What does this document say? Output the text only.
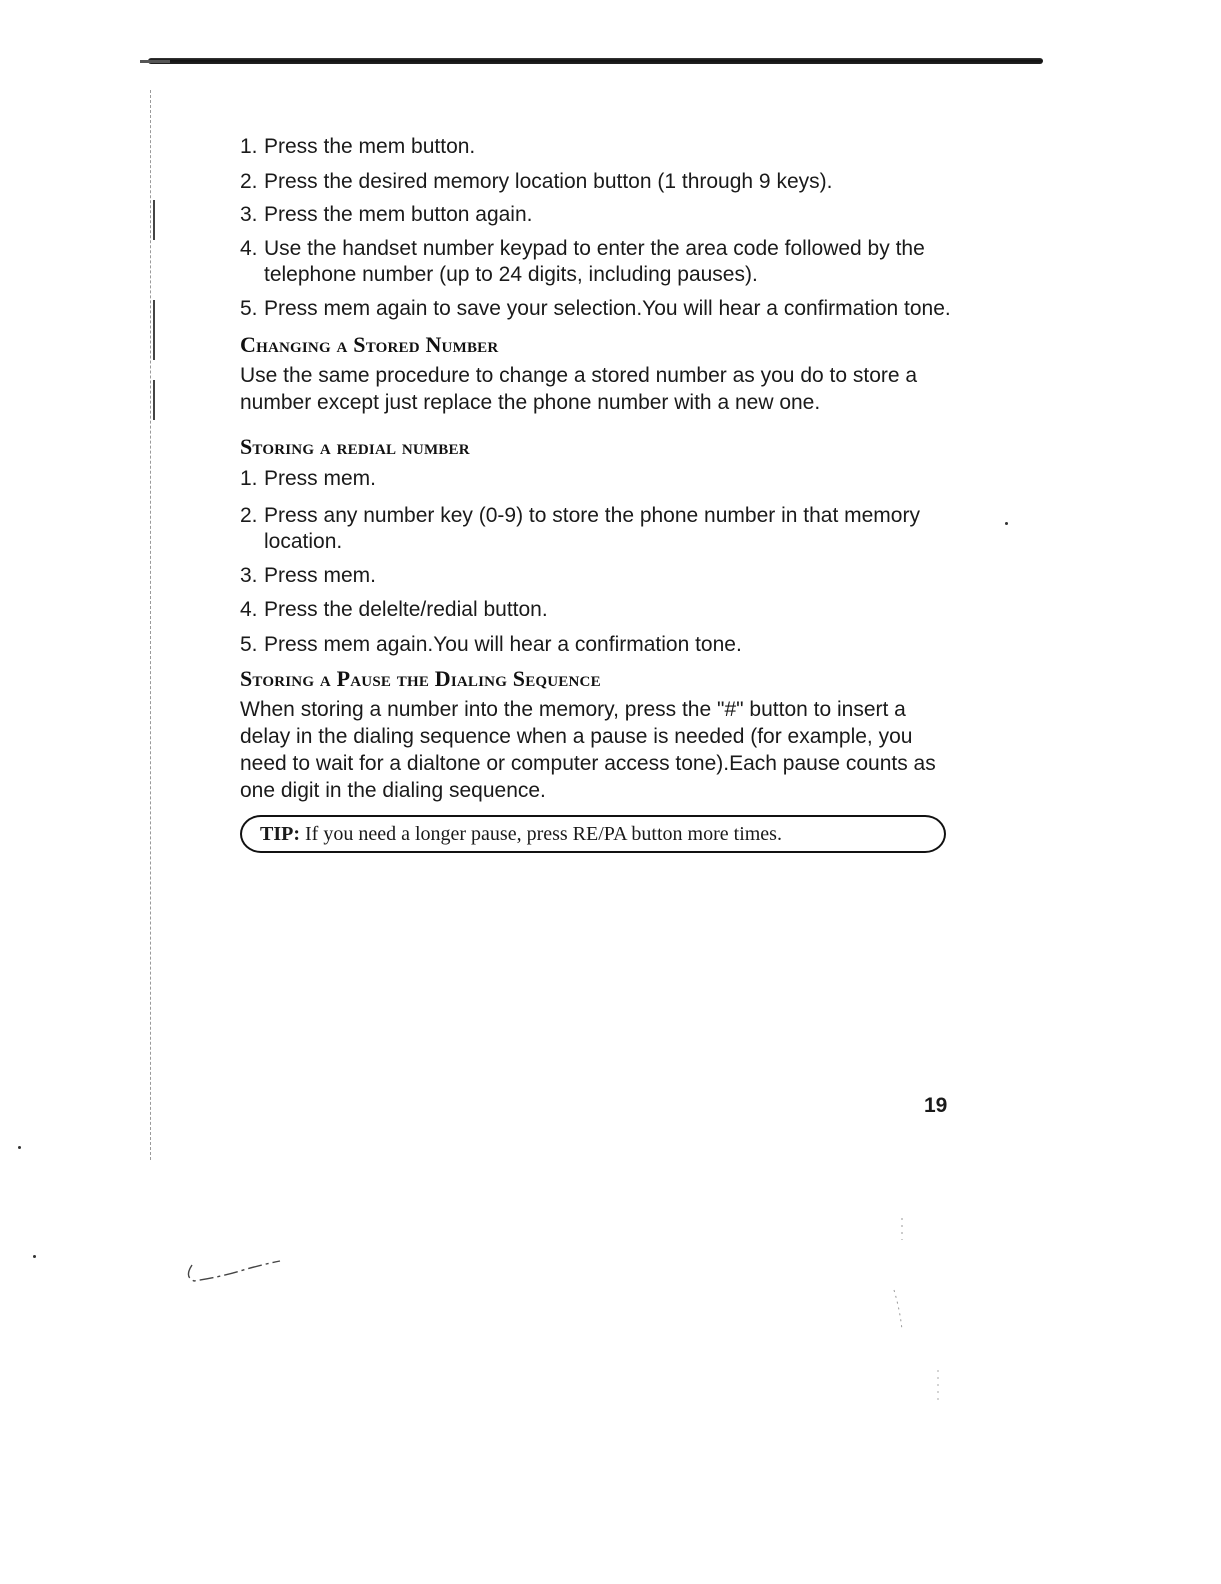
1. Press the mem button.

2. Press the desired memory location button (1 through 9 keys).

3. Press the mem button again.

4. Use the handset number keypad to enter the area code followed by the
telephone number (up to 24 digits, including pauses).

5. Press mem again to save your selection.You will hear a confirmation tone.

Changing a Stored Number

Use the same procedure to change a stored number as you do to store a

number except just replace the phone number with a new one.

Storing a redial number

1. Press mem.

2. Press any number key (0-9) to store the phone number in that memory
location.

3. Press mem.

4. Press the delelte/redial button.

5. Press mem again.You will hear a confirmation tone.

Storing a Pause the Dialing Sequence

When storing a number into the memory, press the "#" button to insert a

delay in the dialing sequence when a pause is needed (for example, you

need to wait for a dialtone or computer access tone).Each pause counts as

one digit in the dialing sequence.

TIP: If you need a longer pause, press RE/PA button more times.
19
